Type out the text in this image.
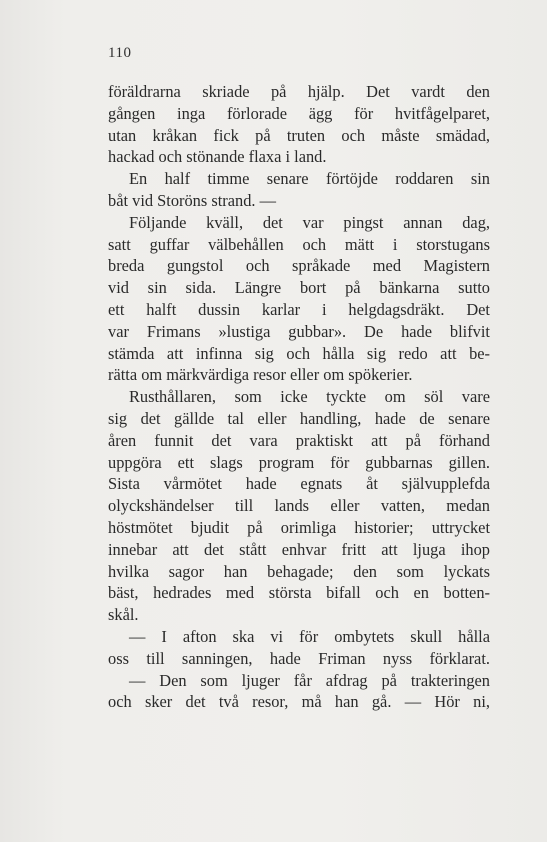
110
föräldrarna skriade på hjälp. Det vardt den
gången inga förlorade ägg för hvitfågelparet,
utan kråkan fick på truten och måste smädad,
hackad och stönande flaxa i land.
En half timme senare förtöjde roddaren sin
båt vid Storöns strand. —
Följande kväll, det var pingst annan dag,
satt guffar välbehållen och mätt i storstugans
breda gungstol och språkade med Magistern
vid sin sida. Längre bort på bänkarna sutto
ett halft dussin karlar i helgdagsdräkt. Det
var Frimans »lustiga gubbar». De hade blifvit
stämda att infinna sig och hålla sig redo att be-
rätta om märkvärdiga resor eller om spökerier.
Rusthållaren, som icke tyckte om söl vare
sig det gällde tal eller handling, hade de senare
åren funnit det vara praktiskt att på förhand
uppgöra ett slags program för gubbarnas gillen.
Sista vårmötet hade egnats åt självupplefda
olyckshändelser till lands eller vatten, medan
höstmötet bjudit på orimliga historier; uttrycket
innebar att det stått enhvar fritt att ljuga ihop
hvilka sagor han behagade; den som lyckats
bäst, hedrades med största bifall och en botten-
skål.
— I afton ska vi för ombytets skull hålla
oss till sanningen, hade Friman nyss förklarat.
— Den som ljuger får afdrag på trakteringen
och sker det två resor, må han gå. — Hör ni,
